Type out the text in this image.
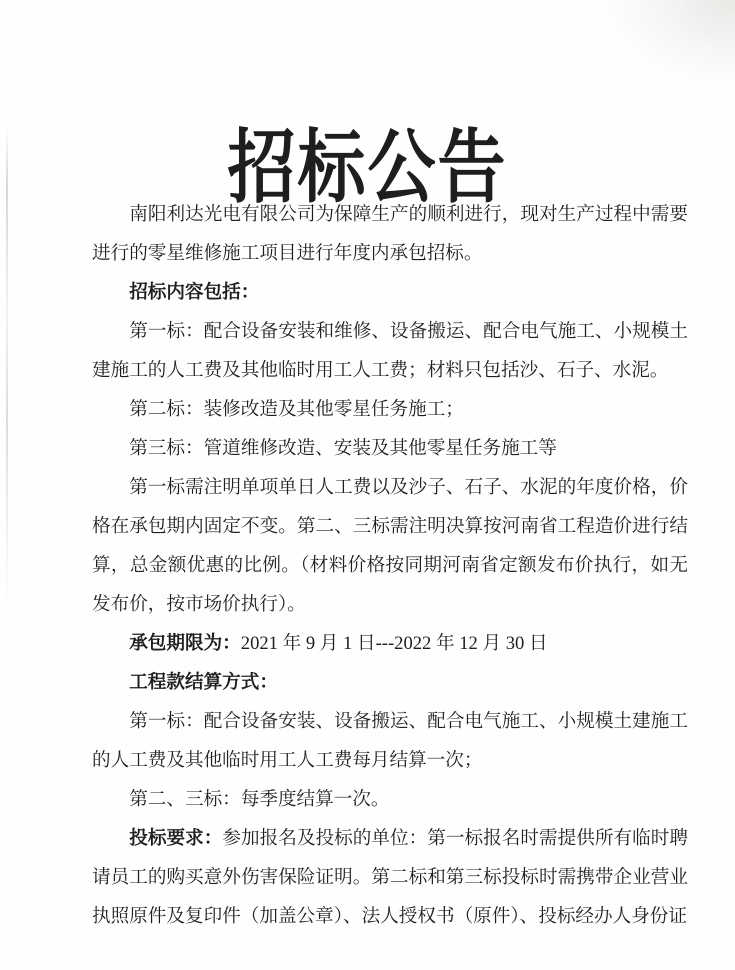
招标公告

南阳利达光电有限公司为保障生产的顺利进行，现对生产过程中需要进行的零星维修施工项目进行年度内承包招标。

招标内容包括：

第一标：配合设备安装和维修、设备搬运、配合电气施工、小规模土建施工的人工费及其他临时用工人工费；材料只包括沙、石子、水泥。

第二标：装修改造及其他零星任务施工；

第三标：管道维修改造、安装及其他零星任务施工等

第一标需注明单项单日人工费以及沙子、石子、水泥的年度价格，价格在承包期内固定不变。第二、三标需注明决算按河南省工程造价进行结算，总金额优惠的比例。（材料价格按同期河南省定额发布价执行，如无发布价，按市场价执行）。

承包期限为：2021 年 9 月 1 日---2022 年 12 月 30 日

工程款结算方式：

第一标：配合设备安装、设备搬运、配合电气施工、小规模土建施工的人工费及其他临时用工人工费每月结算一次；

第二、三标：每季度结算一次。

投标要求：参加报名及投标的单位：第一标报名时需提供所有临时聘请员工的购买意外伤害保险证明。第二标和第三标投标时需携带企业营业执照原件及复印件（加盖公章）、法人授权书（原件）、投标经办人身份证
